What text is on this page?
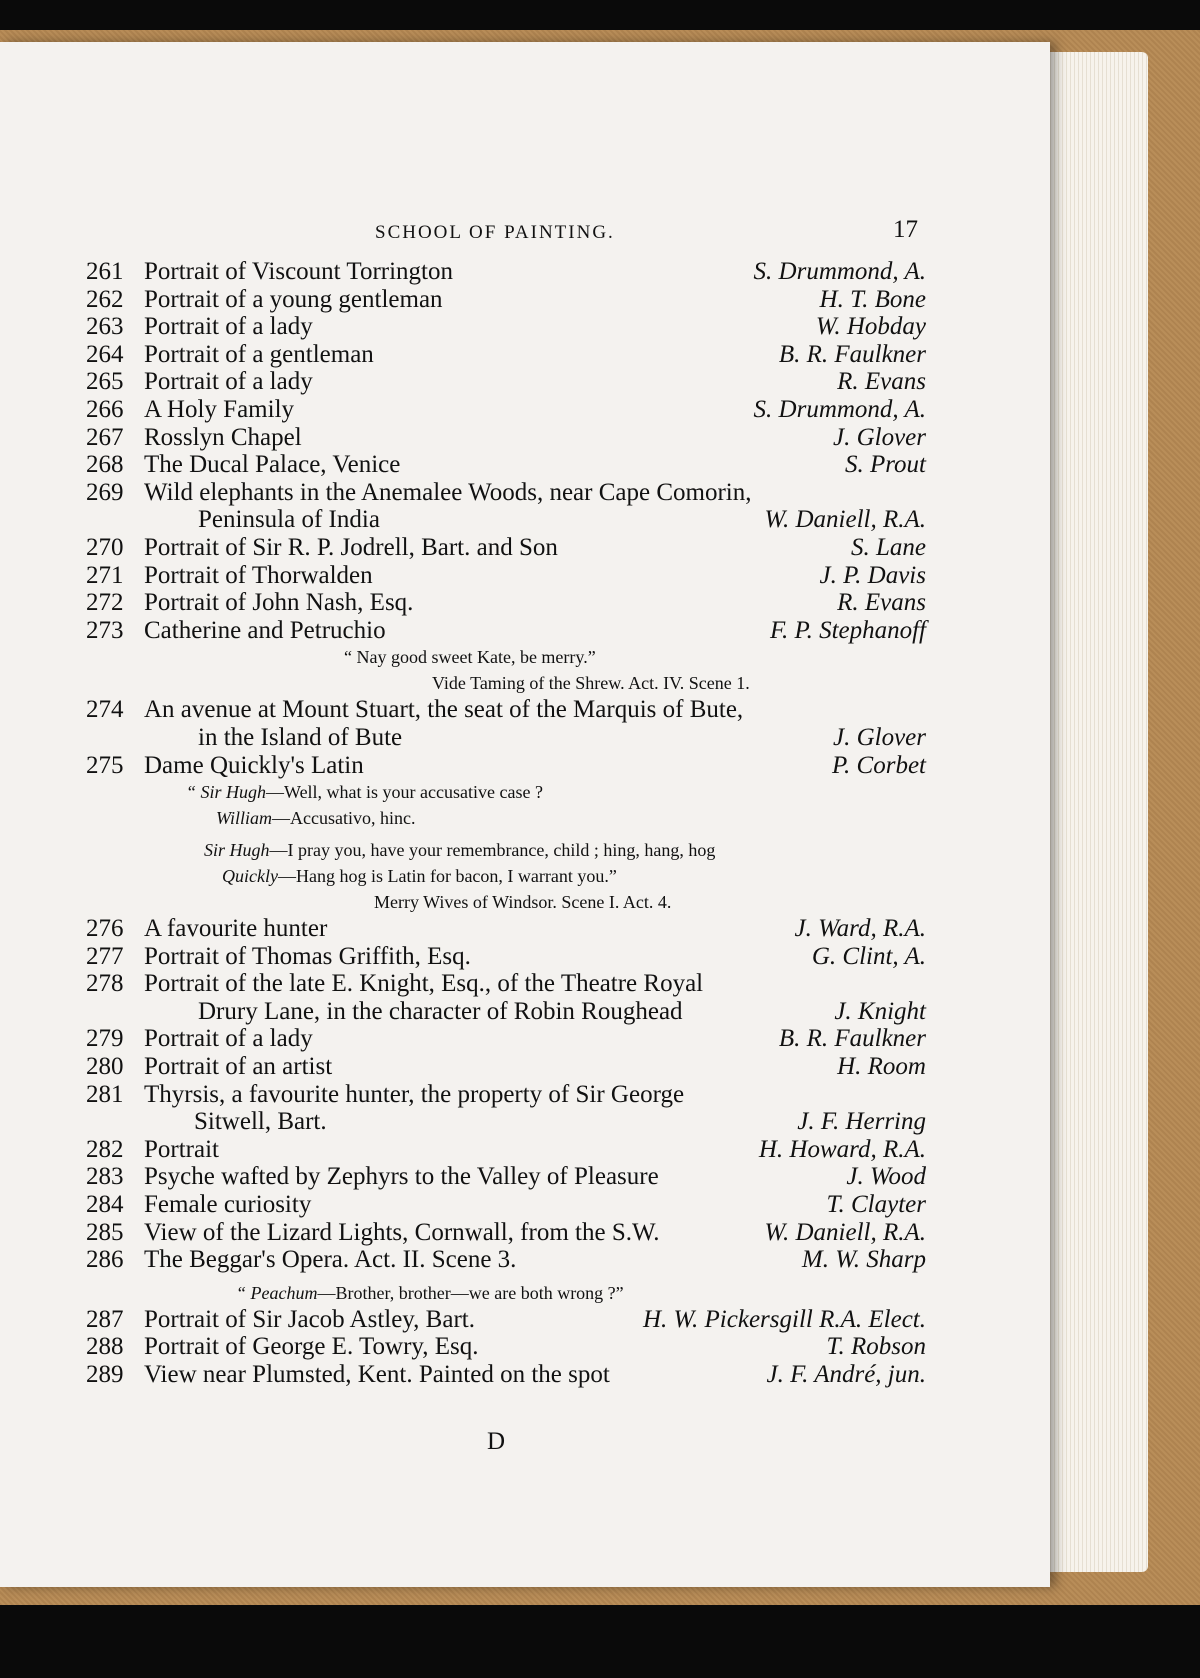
SCHOOL OF PAINTING.	17
261 Portrait of Viscount Torrington	S. Drummond, A.
262 Portrait of a young gentleman	H. T. Bone
263 Portrait of a lady	W. Hobday
264 Portrait of a gentleman	B. R. Faulkner
265 Portrait of a lady	R. Evans
266 A Holy Family	S. Drummond, A.
267 Rosslyn Chapel	J. Glover
268 The Ducal Palace, Venice	S. Prout
269 Wild elephants in the Anemalee Woods, near Cape Comorin,
Peninsula of India	W. Daniell, R.A.
270 Portrait of Sir R. P. Jodrell, Bart. and Son	S. Lane
271 Portrait of Thorwalden	J. P. Davis
272 Portrait of John Nash, Esq.	R. Evans
273 Catherine and Petruchio	F. P. Stephanoff
“ Nay good sweet Kate, be merry.”
Vide Taming of the Shrew. Act. IV. Scene 1.
274 An avenue at Mount Stuart, the seat of the Marquis of Bute,
in the Island of Bute	J. Glover
275 Dame Quickly's Latin	P. Corbet
“ Sir Hugh—Well, what is your accusative case ?
William—Accusativo, hinc.
Sir Hugh—I pray you, have your remembrance, child ; hing, hang, hog
Quickly—Hang hog is Latin for bacon, I warrant you.”
Merry Wives of Windsor. Scene I. Act. 4.
276 A favourite hunter	J. Ward, R.A.
277 Portrait of Thomas Griffith, Esq.	G. Clint, A.
278 Portrait of the late E. Knight, Esq., of the Theatre Royal
Drury Lane, in the character of Robin Roughead	J. Knight
279 Portrait of a lady	B. R. Faulkner
280 Portrait of an artist	H. Room
281 Thyrsis, a favourite hunter, the property of Sir George
Sitwell, Bart.	J. F. Herring
282 Portrait	H. Howard, R.A.
283 Psyche wafted by Zephyrs to the Valley of Pleasure	J. Wood
284 Female curiosity	T. Clayter
285 View of the Lizard Lights, Cornwall, from the S.W.	W. Daniell, R.A.
286 The Beggar's Opera. Act. II. Scene 3.	M. W. Sharp
“ Peachum—Brother, brother—we are both wrong ?”
287 Portrait of Sir Jacob Astley, Bart.	H. W. Pickersgill R.A. Elect.
288 Portrait of George E. Towry, Esq.	T. Robson
289 View near Plumsted, Kent. Painted on the spot	J. F. André, jun.
D
